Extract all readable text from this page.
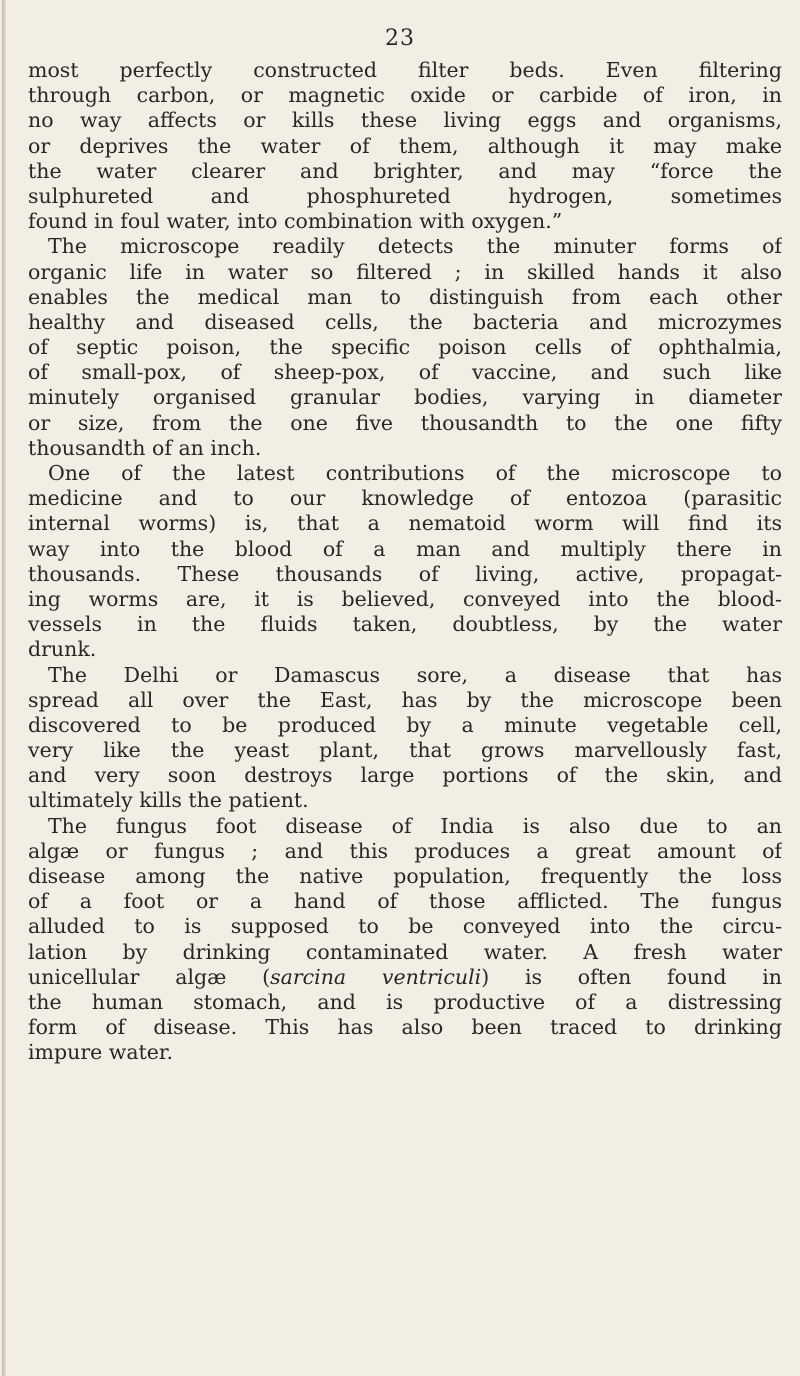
23
most perfectly constructed filter beds. Even filtering
through carbon, or magnetic oxide or carbide of iron, in
no way affects or kills these living eggs and organisms,
or deprives the water of them, although it may make
the water clearer and brighter, and may “force the
sulphureted and phosphureted hydrogen, sometimes
found in foul water, into combination with oxygen.”
The microscope readily detects the minuter forms of
organic life in water so filtered ; in skilled hands it also
enables the medical man to distinguish from each other
healthy and diseased cells, the bacteria and microzymes
of septic poison, the specific poison cells of ophthalmia,
of small-pox, of sheep-pox, of vaccine, and such like
minutely organised granular bodies, varying in diameter
or size, from the one five thousandth to the one fifty
thousandth of an inch.
One of the latest contributions of the microscope to
medicine and to our knowledge of entozoa (parasitic
internal worms) is, that a nematoid worm will find its
way into the blood of a man and multiply there in
thousands. These thousands of living, active, propagat-
ing worms are, it is believed, conveyed into the blood-
vessels in the fluids taken, doubtless, by the water
drunk.
The Delhi or Damascus sore, a disease that has
spread all over the East, has by the microscope been
discovered to be produced by a minute vegetable cell,
very like the yeast plant, that grows marvellously fast,
and very soon destroys large portions of the skin, and
ultimately kills the patient.
The fungus foot disease of India is also due to an
algæ or fungus ; and this produces a great amount of
disease among the native population, frequently the loss
of a foot or a hand of those afflicted. The fungus
alluded to is supposed to be conveyed into the circu-
lation by drinking contaminated water. A fresh water
unicellular algæ (sarcina ventriculi) is often found in
the human stomach, and is productive of a distressing
form of disease. This has also been traced to drinking
impure water.
